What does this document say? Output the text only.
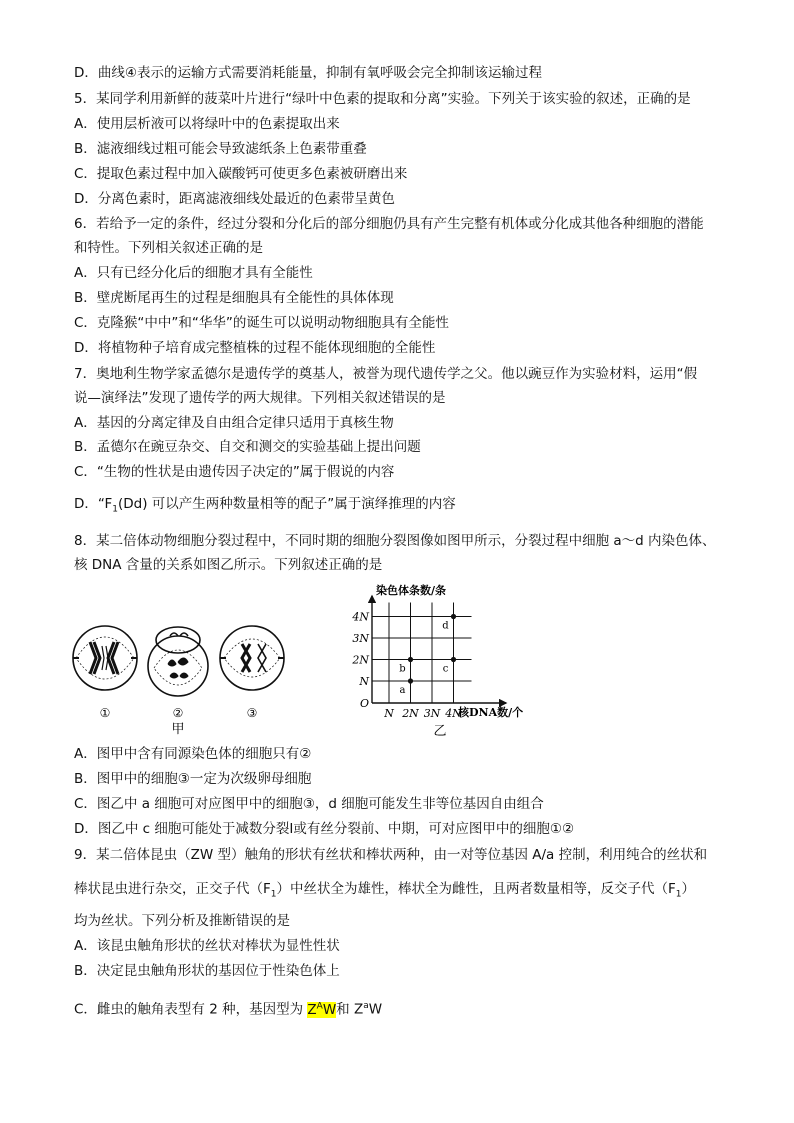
D．曲线④表示的运输方式需要消耗能量，抑制有氧呼吸会完全抑制该运输过程
5．某同学利用新鲜的菠菜叶片进行“绿叶中色素的提取和分离”实验。下列关于该实验的叙述，正确的是
A．使用层析液可以将绿叶中的色素提取出来
B．滤液细线过粗可能会导致滤纸条上色素带重叠
C．提取色素过程中加入碳酸钙可使更多色素被研磨出来
D．分离色素时，距离滤液细线处最近的色素带呈黄色
6．若给予一定的条件，经过分裂和分化后的部分细胞仍具有产生完整有机体或分化成其他各种细胞的潜能
和特性。下列相关叙述正确的是
A．只有已经分化后的细胞才具有全能性
B．壁虎断尾再生的过程是细胞具有全能性的具体体现
C．克隆猴“中中”和“华华”的诞生可以说明动物细胞具有全能性
D．将植物种子培育成完整植株的过程不能体现细胞的全能性
7．奥地利生物学家孟德尔是遗传学的奠基人，被誉为现代遗传学之父。他以豌豆作为实验材料，运用“假
说—演绎法”发现了遗传学的两大规律。下列相关叙述错误的是
A．基因的分离定律及自由组合定律只适用于真核生物
B．孟德尔在豌豆杂交、自交和测交的实验基础上提出问题
C．“生物的性状是由遗传因子决定的”属于假说的内容
D．“$F_1(Dd)$ 可以产生两种数量相等的配子”属于演绎推理的内容
8．某二倍体动物细胞分裂过程中，不同时期的细胞分裂图像如图甲所示，分裂过程中细胞 a～d 内染色体、
核 DNA 含量的关系如图乙所示。下列叙述正确的是
①	②	③
甲
染色体条数/条
O
N
2N
3N
4N
N 2N 3N 4N
核DNA数/个
a
b	c
d
乙
A．图甲中含有同源染色体的细胞只有②
B．图甲中的细胞③一定为次级卵母细胞
C．图乙中 a 细胞可对应图甲中的细胞③，d 细胞可能发生非等位基因自由组合
D．图乙中 c 细胞可能处于减数分裂Ⅰ或有丝分裂前、中期，可对应图甲中的细胞①②
9．某二倍体昆虫（ZW 型）触角的形状有丝状和棒状两种，由一对等位基因 A/a 控制，利用纯合的丝状和
棒状昆虫进行杂交，正交子代$(F_1)$中丝状全为雄性，棒状全为雌性，且两者数量相等，反交子代$(F_1)$
均为丝状。下列分析及推断错误的是
A．该昆虫触角形状的丝状对棒状为显性性状
B．决定昆虫触角形状的基因位于性染色体上
C．雌虫的触角表型有 2 种，基因型为 $Z^AW$和 $Z^aW$
